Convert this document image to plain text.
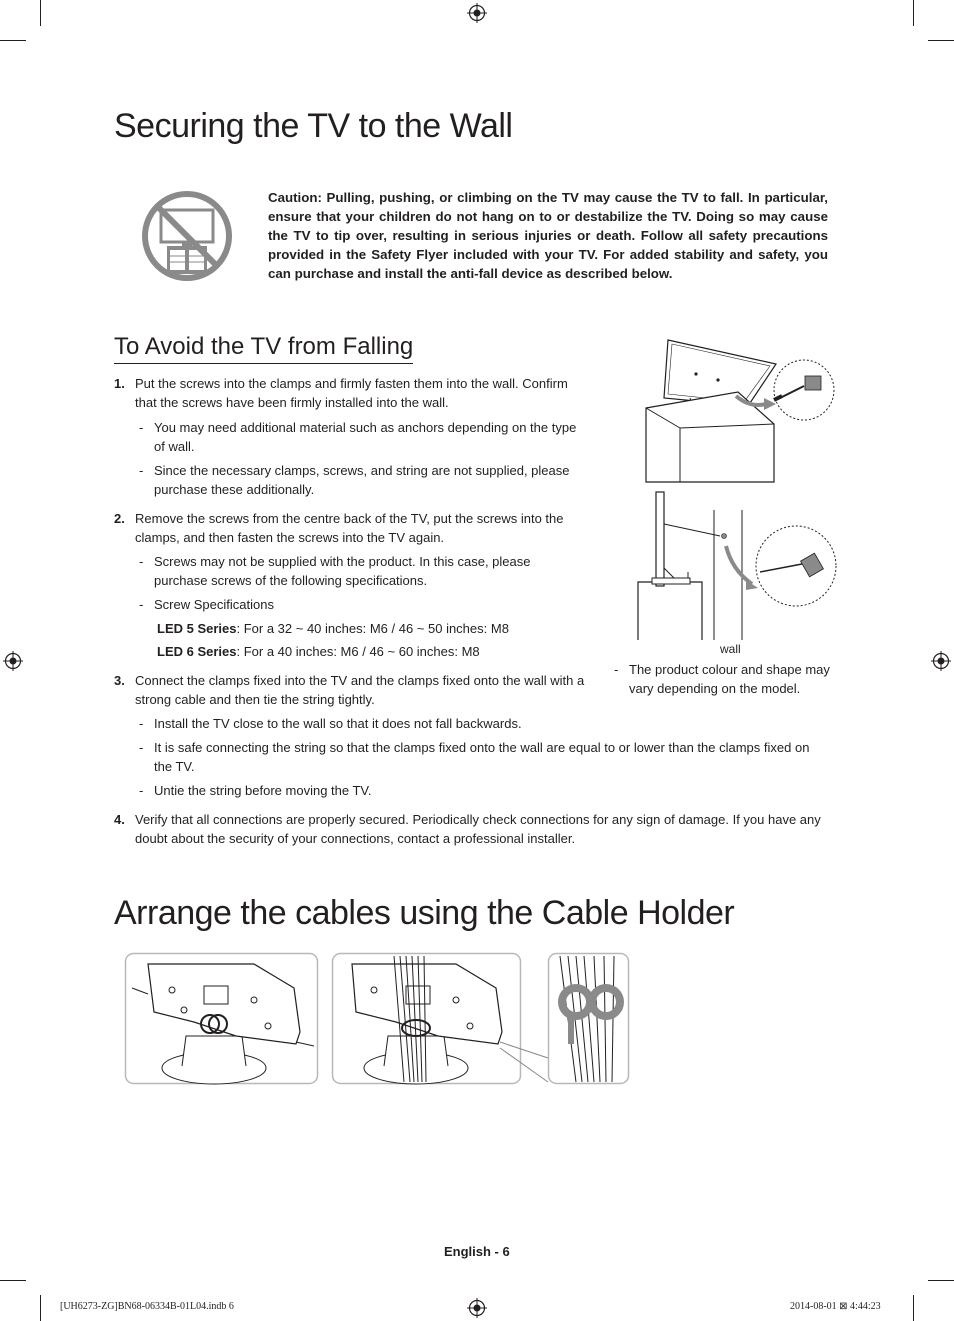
Securing the TV to the Wall
Caution: Pulling, pushing, or climbing on the TV may cause the TV to fall. In particular, ensure that your children do not hang on to or destabilize the TV. Doing so may cause the TV to tip over, resulting in serious injuries or death. Follow all safety precautions provided in the Safety Flyer included with your TV. For added stability and safety, you can purchase and install the anti-fall device as described below.
To Avoid the TV from Falling
1. Put the screws into the clamps and firmly fasten them into the wall. Confirm
that the screws have been firmly installed into the wall.
- You may need additional material such as anchors depending on the type
of wall.
- Since the necessary clamps, screws, and string are not supplied, please
purchase these additionally.
2. Remove the screws from the centre back of the TV, put the screws into the
clamps, and then fasten the screws into the TV again.
- Screws may not be supplied with the product. In this case, please
purchase screws of the following specifications.
- Screw Specifications
LED 5 Series: For a 32 ~ 40 inches: M6 / 46 ~ 50 inches: M8
LED 6 Series: For a 40 inches: M6 / 46 ~ 60 inches: M8
3. Connect the clamps fixed into the TV and the clamps fixed onto the wall with a
strong cable and then tie the string tightly.
- Install the TV close to the wall so that it does not fall backwards.
- It is safe connecting the string so that the clamps fixed onto the wall are equal to or lower than the clamps fixed on
the TV.
- Untie the string before moving the TV.
4. Verify that all connections are properly secured. Periodically check connections for any sign of damage. If you have any
doubt about the security of your connections, contact a professional installer.
wall
- The product colour and shape may
vary depending on the model.
Arrange the cables using the Cable Holder
English - 6
[UH6273-ZG]BN68-06334B-01L04.indb 6	2014-08-01 ⊠ 4:44:23
